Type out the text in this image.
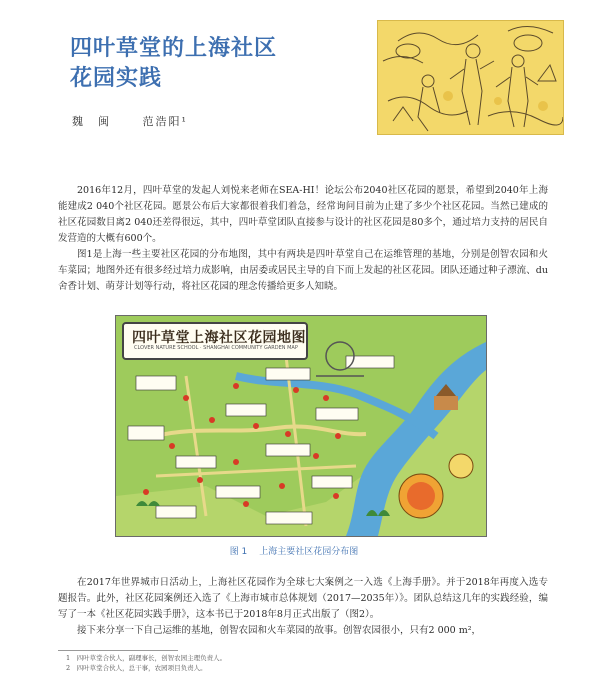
四叶草堂的上海社区
花园实践
魏　闽	范浩阳¹

2016年12月，四叶草堂的发起人刘悦来老师在SEA-HI！论坛公布2040社区花园的愿景，希望到2040年上海能建成2 040个社区花园。愿景公布后大家都很着我们着急，经常询问目前为止建了多少个社区花园。当然已建成的社区花园数目离2 040还差得很远，其中，四叶草堂团队直接参与设计的社区花园是80多个，通过培力支持的居民自发营造的大概有600个。

图1是上海一些主要社区花园的分布地图，其中有两块是四叶草堂自己在运维管理的基地，分别是创智农园和火车菜园；地图外还有很多经过培力成影响，由居委或居民主导的自下而上发起的社区花园。团队还通过种子漂流、du舍香计划、萌芽计划等行动，将社区花园的理念传播给更多人知晓。

四叶草堂上海社区花园地图
CLOVER NATURE SCHOOL · SHANGHAI COMMUNITY GARDEN MAP
图 1 上海主要社区花园分布图

在2017年世界城市日活动上，上海社区花园作为全球七大案例之一入选《上海手册》。并于2018年再度入选专题报告。此外，社区花园案例还入选了《上海市城市总体规划（2017—2035年）》。团队总结这几年的实践经验，编写了一本《社区花园实践手册》，这本书已于2018年8月正式出版了（图2）。

接下来分享一下自己运维的基地，创智农园和火车菜园的故事。创智农园很小，只有2 000 m²，

1　四叶草堂合伙人，副理事长，创智农园主理负责人。
2　四叶草堂合伙人，总干事，农园项目负责人。
